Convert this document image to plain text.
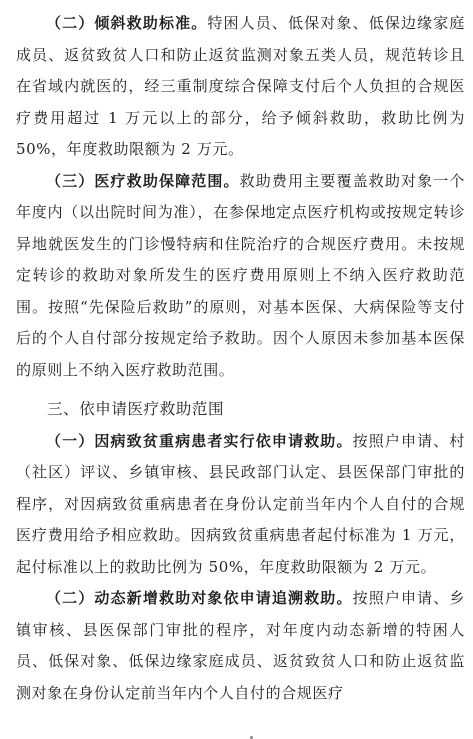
（二）倾斜救助标准。特困人员、低保对象、低保边缘家庭成员、返贫致贫人口和防止返贫监测对象五类人员，规范转诊且在省域内就医的，经三重制度综合保障支付后个人负担的合规医疗费用超过 1 万元以上的部分，给予倾斜救助，救助比例为 50%，年度救助限额为 2 万元。

（三）医疗救助保障范围。救助费用主要覆盖救助对象一个年度内（以出院时间为准），在参保地定点医疗机构或按规定转诊异地就医发生的门诊慢特病和住院治疗的合规医疗费用。未按规定转诊的救助对象所发生的医疗费用原则上不纳入医疗救助范围。按照“先保险后救助”的原则，对基本医保、大病保险等支付后的个人自付部分按规定给予救助。因个人原因未参加基本医保的原则上不纳入医疗救助范围。

三、依申请医疗救助范围

（一）因病致贫重病患者实行依申请救助。按照户申请、村（社区）评议、乡镇审核、县民政部门认定、县医保部门审批的程序，对因病致贫重病患者在身份认定前当年内个人自付的合规医疗费用给予相应救助。因病致贫重病患者起付标准为 1 万元，起付标准以上的救助比例为 50%，年度救助限额为 2 万元。

（二）动态新增救助对象依申请追溯救助。按照户申请、乡镇审核、县医保部门审批的程序，对年度内动态新增的特困人员、低保对象、低保边缘家庭成员、返贫致贫人口和防止返贫监测对象在身份认定前当年内个人自付的合规医疗
